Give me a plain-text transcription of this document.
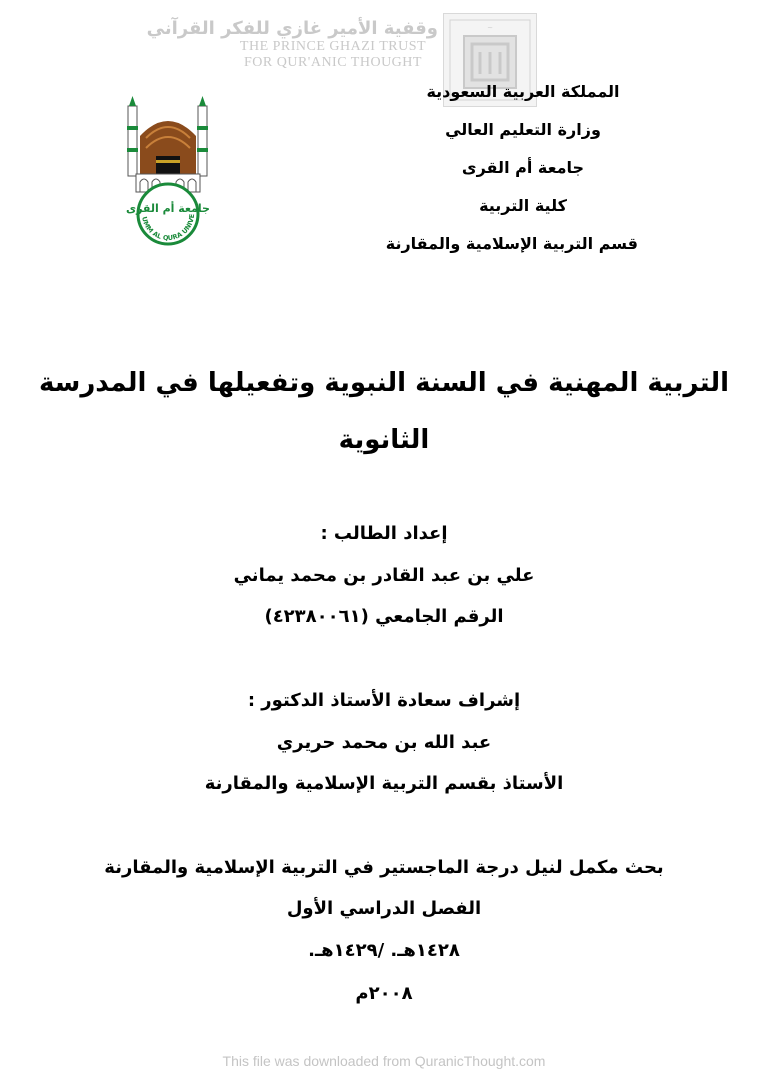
وقفية الأمير غازي للفكر القرآني
THE PRINCE GHAZI TRUST
FOR QUR'ANIC THOUGHT
~
UMM AL QURA UNIVE
جامعة أم القرى
المملكة العربية السعودية
وزارة التعليم العالي
جامعة أم القرى
كلية التربية
قسم التربية الإسلامية والمقارنة
التربية المهنية في السنة النبوية وتفعيلها في المدرسة
الثانوية
إعداد الطالب :
علي بن عبد القادر بن محمد يماني
الرقم الجامعي (٤٢٣٨٠٠٦١)
إشراف سعادة الأستاذ الدكتور :
عبد الله بن محمد حريري
الأستاذ بقسم التربية الإسلامية والمقارنة
بحث مكمل لنيل درجة الماجستير في التربية الإسلامية والمقارنة
الفصل الدراسي الأول
١٤٢٨هـ. /١٤٢٩هـ.
٢٠٠٨م
This file was downloaded from QuranicThought.com
